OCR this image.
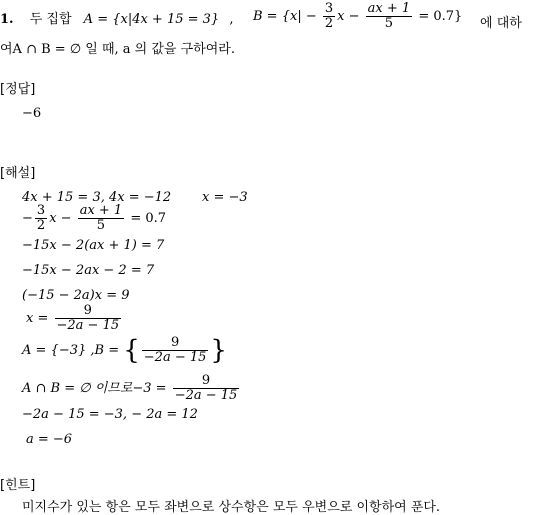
1. 두 집합 A = {x|4x + 15 = 3} , $B = \{x| - \frac{3}{2}$ $x - \frac{ax + 1}{5} = 0.7$} 에 대하
여A ∩ B = ∅ 일 때, a 의 값을 구하여라.
[정답]
−6
[해설]
4x + 15 = 3, 4x = −12 x = −3
− $\frac{3}{2}$ $x - \frac{ax + 1}{5} = 0.7$
−15x − 2(ax + 1) = 7
−15x − 2ax − 2 = 7
(−15 − 2a)x = 9
$x = \frac{9}{-2a - 15}$
A = {−3} ,B = { $\frac{9}{-2a - 15}$ }
A ∩ B = ∅ 이므로$-3 = \frac{9}{-2a - 15}$
−2a − 15 = −3, − 2a = 12
a = −6
[힌트]
미지수가 있는 항은 모두 좌변으로 상수항은 모두 우변으로 이항하여 푼다.
